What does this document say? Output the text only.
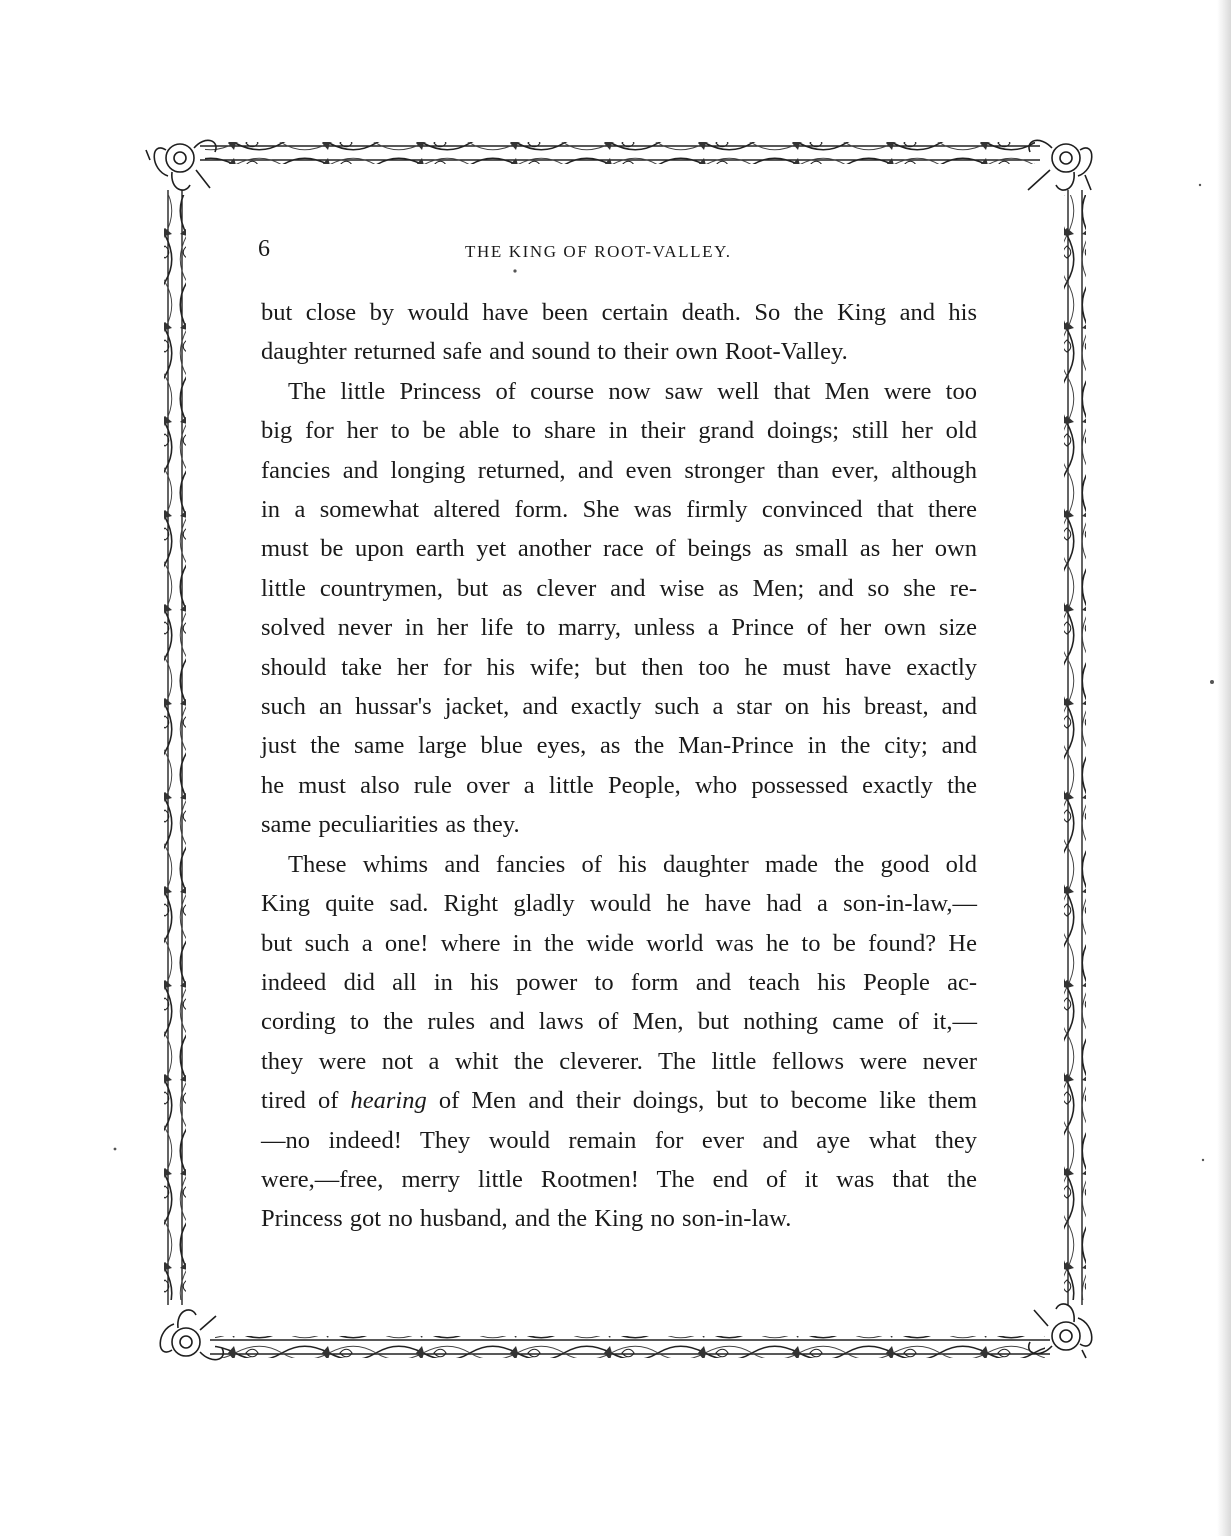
6	THE KING OF ROOT-VALLEY.

but close by would have been certain death. So the King and his
daughter returned safe and sound to their own Root-Valley.

The little Princess of course now saw well that Men were too
big for her to be able to share in their grand doings; still her old
fancies and longing returned, and even stronger than ever, although
in a somewhat altered form. She was firmly convinced that there
must be upon earth yet another race of beings as small as her own
little countrymen, but as clever and wise as Men; and so she re-
solved never in her life to marry, unless a Prince of her own size
should take her for his wife; but then too he must have exactly
such an hussar's jacket, and exactly such a star on his breast, and
just the same large blue eyes, as the Man-Prince in the city; and
he must also rule over a little People, who possessed exactly the
same peculiarities as they.

These whims and fancies of his daughter made the good old
King quite sad. Right gladly would he have had a son-in-law,—
but such a one! where in the wide world was he to be found? He
indeed did all in his power to form and teach his People ac-
cording to the rules and laws of Men, but nothing came of it,—
they were not a whit the cleverer. The little fellows were never
tired of hearing of Men and their doings, but to become like them
—no indeed! They would remain for ever and aye what they
were,—free, merry little Rootmen! The end of it was that the
Princess got no husband, and the King no son-in-law.
